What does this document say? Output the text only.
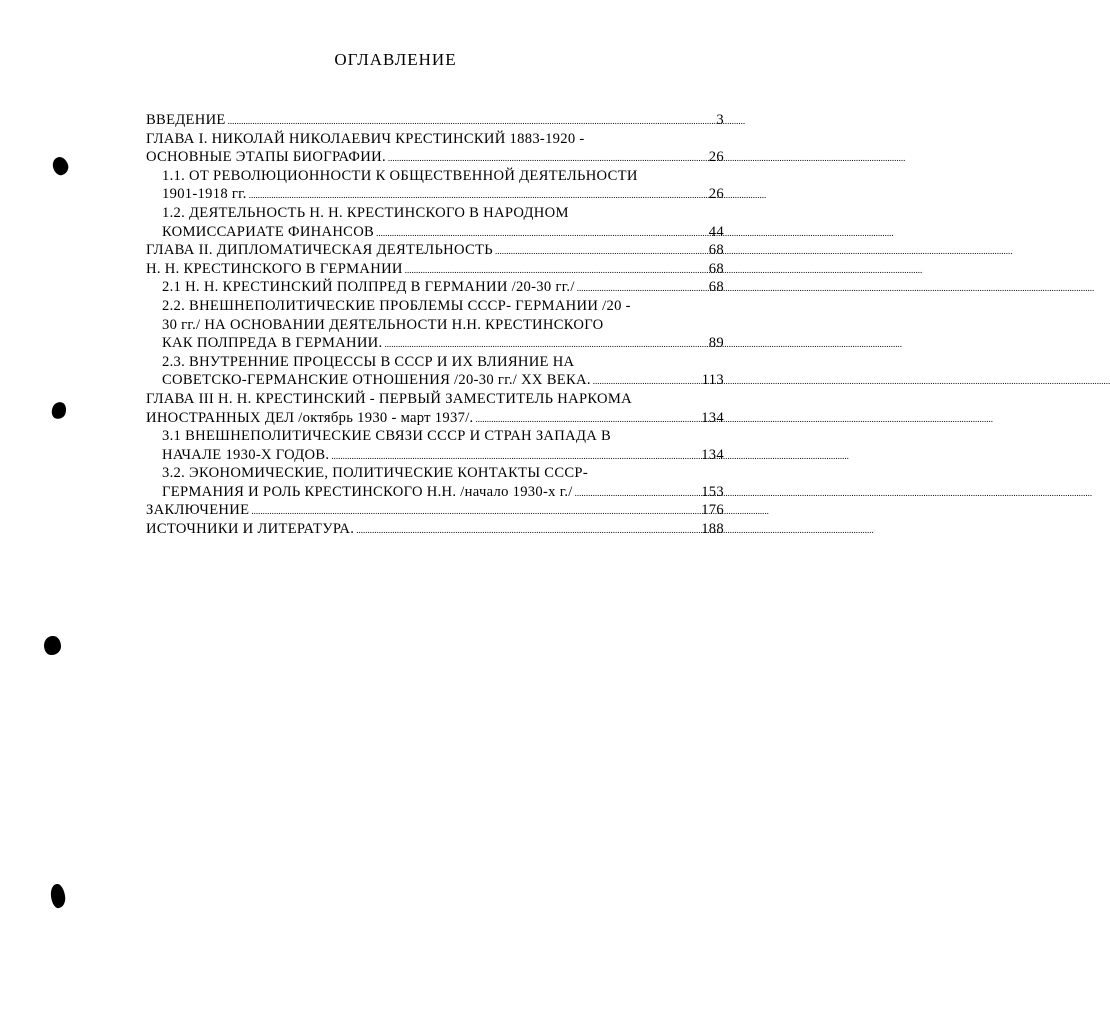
ОГЛАВЛЕНИЕ
ВВЕДЕНИЕ .....	3
ГЛАВА I. НИКОЛАЙ НИКОЛАЕВИЧ КРЕСТИНСКИЙ 1883-1920 -
ОСНОВНЫЕ ЭТАПЫ БИОГРАФИИ. .....	26
1.1. ОТ РЕВОЛЮЦИОННОСТИ К ОБЩЕСТВЕННОЙ ДЕЯТЕЛЬНОСТИ
1901-1918 гг. .....	26
1.2. ДЕЯТЕЛЬНОСТЬ Н. Н. КРЕСТИНСКОГО В НАРОДНОМ
КОМИССАРИАТЕ ФИНАНСОВ .....	44
ГЛАВА II. ДИПЛОМАТИЧЕСКАЯ ДЕЯТЕЛЬНОСТЬ .....	68
Н. Н. КРЕСТИНСКОГО В ГЕРМАНИИ .....	68
2.1 Н. Н. КРЕСТИНСКИЙ ПОЛПРЕД В ГЕРМАНИИ /20-30 гг./ .....	68
2.2. ВНЕШНЕПОЛИТИЧЕСКИЕ ПРОБЛЕМЫ СССР- ГЕРМАНИИ /20 -
30 гг./ НА ОСНОВАНИИ ДЕЯТЕЛЬНОСТИ Н.Н. КРЕСТИНСКОГО
КАК ПОЛПРЕДА В ГЕРМАНИИ. .....	89
2.3. ВНУТРЕННИЕ ПРОЦЕССЫ В СССР И ИХ ВЛИЯНИЕ НА
СОВЕТСКО-ГЕРМАНСКИЕ ОТНОШЕНИЯ /20-30 гг./ XX ВЕКА. .....	113
ГЛАВА III Н. Н. КРЕСТИНСКИЙ - ПЕРВЫЙ ЗАМЕСТИТЕЛЬ НАРКОМА
ИНОСТРАННЫХ ДЕЛ /октябрь 1930 - март 1937/. .....	134
3.1 ВНЕШНЕПОЛИТИЧЕСКИЕ СВЯЗИ СССР И СТРАН ЗАПАДА В
НАЧАЛЕ 1930-Х ГОДОВ. .....	134
3.2. ЭКОНОМИЧЕСКИЕ, ПОЛИТИЧЕСКИЕ КОНТАКТЫ СССР-
ГЕРМАНИЯ И РОЛЬ КРЕСТИНСКОГО Н.Н. /начало 1930-х г./ .....	153
ЗАКЛЮЧЕНИЕ .....	176
ИСТОЧНИКИ И ЛИТЕРАТУРА. .....	188
